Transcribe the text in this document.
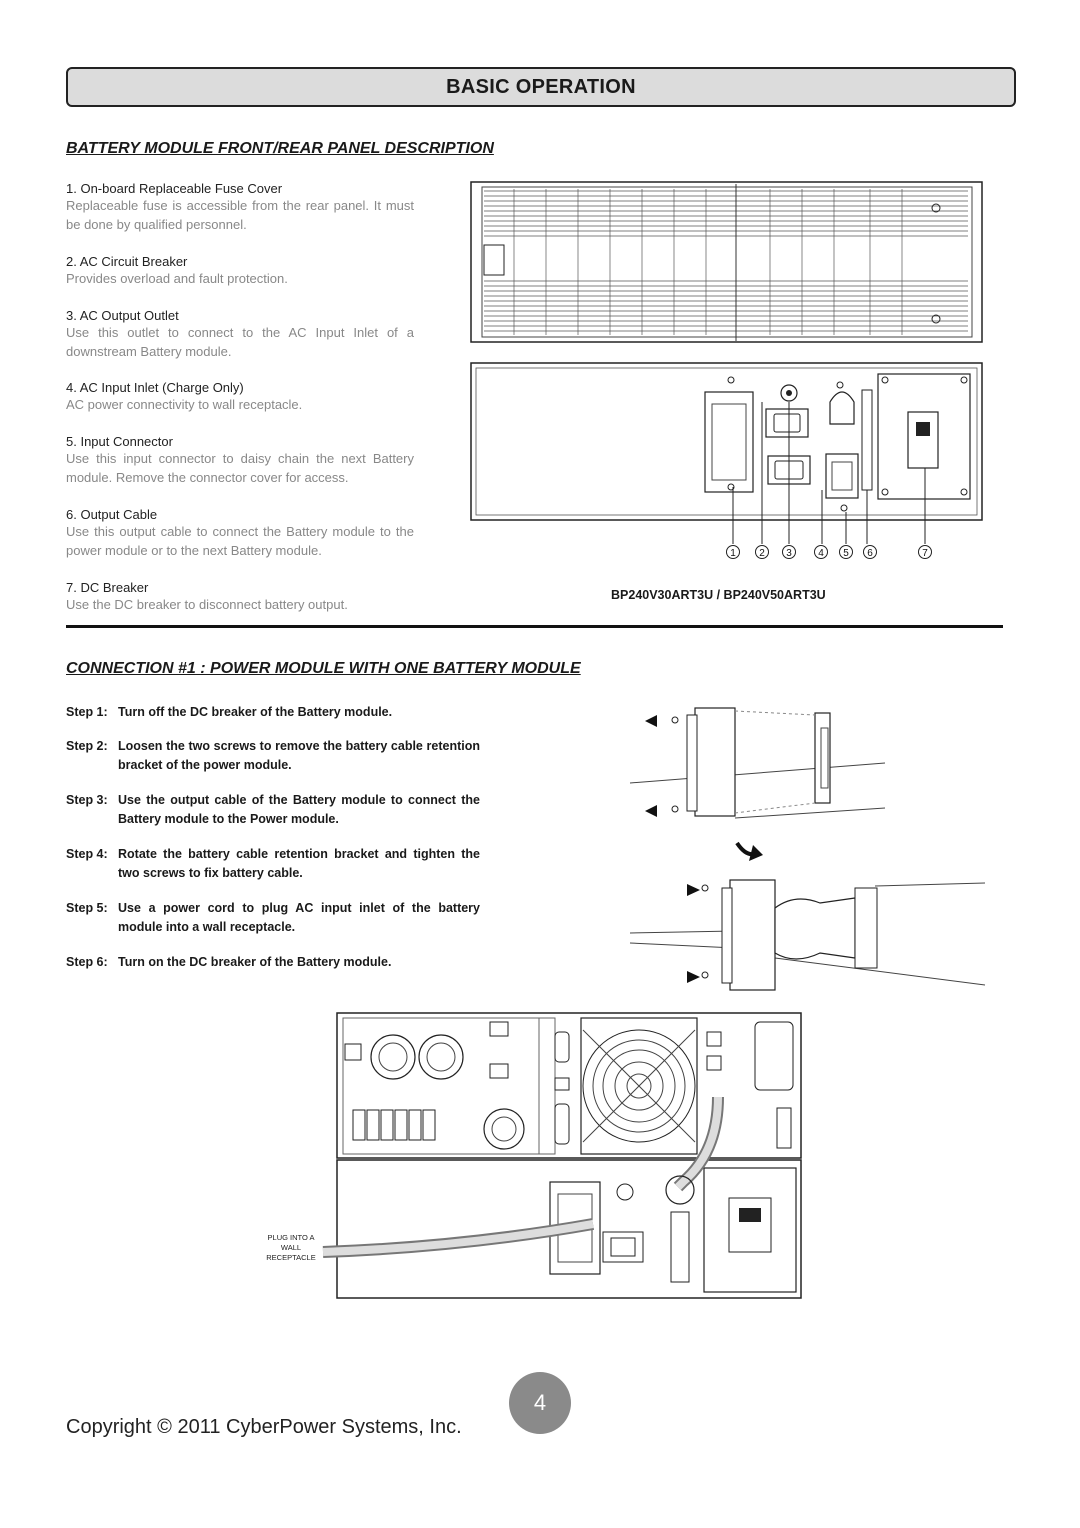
BASIC OPERATION
BATTERY MODULE FRONT/REAR PANEL DESCRIPTION
1. On-board Replaceable Fuse Cover
Replaceable fuse is accessible from the rear panel. It must be done by qualified personnel.
2. AC Circuit Breaker
Provides overload and fault protection.
3. AC Output Outlet
Use this outlet to connect to the AC Input Inlet of a downstream Battery module.
4. AC Input Inlet (Charge Only)
AC power connectivity to wall receptacle.
5. Input Connector
Use this input connector to daisy chain the next Battery module. Remove the connector cover for access.
6. Output Cable
Use this output cable to connect the Battery module to the power module or to the next Battery module.
7. DC Breaker
Use the DC breaker to disconnect battery output.
1 2 3	4 5 6	7
BP240V30ART3U / BP240V50ART3U
CONNECTION #1 : POWER MODULE WITH ONE BATTERY MODULE
Step 1: Turn off the DC breaker of the Battery module.
Step 2: Loosen the two screws to remove the battery cable retention bracket of the power module.
Step 3: Use the output cable of the Battery module to connect the Battery module to the Power module.
Step 4: Rotate the battery cable retention bracket and tighten the two screws to fix battery cable.
Step 5: Use a power cord to plug AC input inlet of the battery module into a wall receptacle.
Step 6: Turn on the DC breaker of the Battery module.
PLUG INTO A
WALL
RECEPTACLE
4
Copyright © 2011 CyberPower Systems, Inc.
